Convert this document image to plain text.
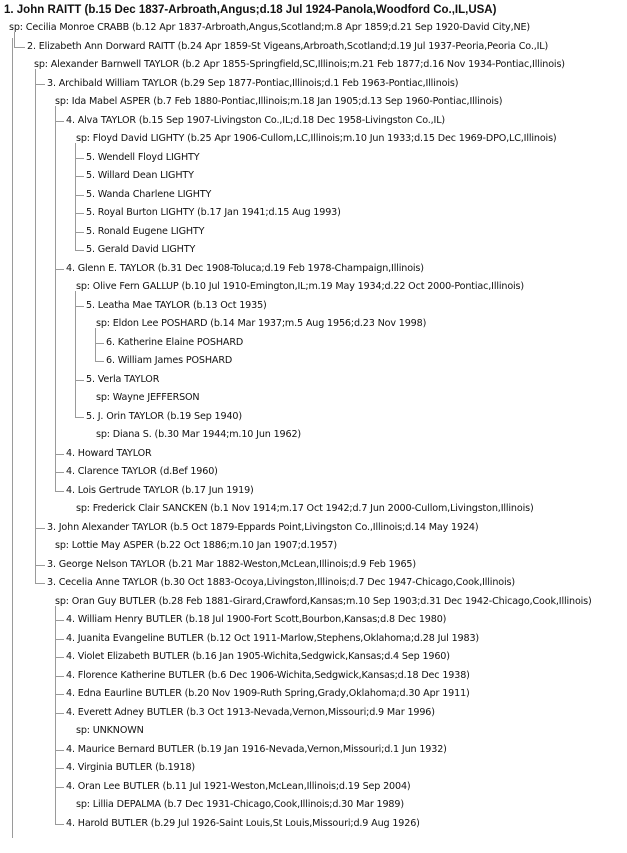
1. John RAITT (b.15 Dec 1837-Arbroath,Angus;d.18 Jul 1924-Panola,Woodford Co.,IL,USA)
sp: Cecilia Monroe CRABB (b.12 Apr 1837-Arbroath,Angus,Scotland;m.8 Apr 1859;d.21 Sep 1920-David City,NE)
2. Elizabeth Ann Dorward RAITT (b.24 Apr 1859-St Vigeans,Arbroath,Scotland;d.19 Jul 1937-Peoria,Peoria Co.,IL)
sp: Alexander Barnwell TAYLOR (b.2 Apr 1855-Springfield,SC,Illinois;m.21 Feb 1877;d.16 Nov 1934-Pontiac,Illinois)
3. Archibald William TAYLOR (b.29 Sep 1877-Pontiac,Illinois;d.1 Feb 1963-Pontiac,Illinois)
sp: Ida Mabel ASPER (b.7 Feb 1880-Pontiac,Illinois;m.18 Jan 1905;d.13 Sep 1960-Pontiac,Illinois)
4. Alva TAYLOR (b.15 Sep 1907-Livingston Co.,IL;d.18 Dec 1958-Livingston Co.,IL)
sp: Floyd David LIGHTY (b.25 Apr 1906-Cullom,LC,Illinois;m.10 Jun 1933;d.15 Dec 1969-DPO,LC,Illinois)
5. Wendell Floyd LIGHTY
5. Willard Dean LIGHTY
5. Wanda Charlene LIGHTY
5. Royal Burton LIGHTY (b.17 Jan 1941;d.15 Aug 1993)
5. Ronald Eugene LIGHTY
5. Gerald David LIGHTY
4. Glenn E. TAYLOR (b.31 Dec 1908-Toluca;d.19 Feb 1978-Champaign,Illinois)
sp: Olive Fern GALLUP (b.10 Jul 1910-Emington,IL;m.19 May 1934;d.22 Oct 2000-Pontiac,Illinois)
5. Leatha Mae TAYLOR (b.13 Oct 1935)
sp: Eldon Lee POSHARD (b.14 Mar 1937;m.5 Aug 1956;d.23 Nov 1998)
6. Katherine Elaine POSHARD
6. William James POSHARD
5. Verla TAYLOR
sp: Wayne JEFFERSON
5. J. Orin TAYLOR (b.19 Sep 1940)
sp: Diana S. (b.30 Mar 1944;m.10 Jun 1962)
4. Howard TAYLOR
4. Clarence TAYLOR (d.Bef 1960)
4. Lois Gertrude TAYLOR (b.17 Jun 1919)
sp: Frederick Clair SANCKEN (b.1 Nov 1914;m.17 Oct 1942;d.7 Jun 2000-Cullom,Livingston,Illinois)
3. John Alexander TAYLOR (b.5 Oct 1879-Eppards Point,Livingston Co.,Illinois;d.14 May 1924)
sp: Lottie May ASPER (b.22 Oct 1886;m.10 Jan 1907;d.1957)
3. George Nelson TAYLOR (b.21 Mar 1882-Weston,McLean,Illinois;d.9 Feb 1965)
3. Cecelia Anne TAYLOR (b.30 Oct 1883-Ocoya,Livingston,Illinois;d.7 Dec 1947-Chicago,Cook,Illinois)
sp: Oran Guy BUTLER (b.28 Feb 1881-Girard,Crawford,Kansas;m.10 Sep 1903;d.31 Dec 1942-Chicago,Cook,Illinois)
4. William Henry BUTLER (b.18 Jul 1900-Fort Scott,Bourbon,Kansas;d.8 Dec 1980)
4. Juanita Evangeline BUTLER (b.12 Oct 1911-Marlow,Stephens,Oklahoma;d.28 Jul 1983)
4. Violet Elizabeth BUTLER (b.16 Jan 1905-Wichita,Sedgwick,Kansas;d.4 Sep 1960)
4. Florence Katherine BUTLER (b.6 Dec 1906-Wichita,Sedgwick,Kansas;d.18 Dec 1938)
4. Edna Eaurline BUTLER (b.20 Nov 1909-Ruth Spring,Grady,Oklahoma;d.30 Apr 1911)
4. Everett Adney BUTLER (b.3 Oct 1913-Nevada,Vernon,Missouri;d.9 Mar 1996)
sp: UNKNOWN
4. Maurice Bernard BUTLER (b.19 Jan 1916-Nevada,Vernon,Missouri;d.1 Jun 1932)
4. Virginia BUTLER (b.1918)
4. Oran Lee BUTLER (b.11 Jul 1921-Weston,McLean,Illinois;d.19 Sep 2004)
sp: Lillia DEPALMA (b.7 Dec 1931-Chicago,Cook,Illinois;d.30 Mar 1989)
4. Harold BUTLER (b.29 Jul 1926-Saint Louis,St Louis,Missouri;d.9 Aug 1926)
